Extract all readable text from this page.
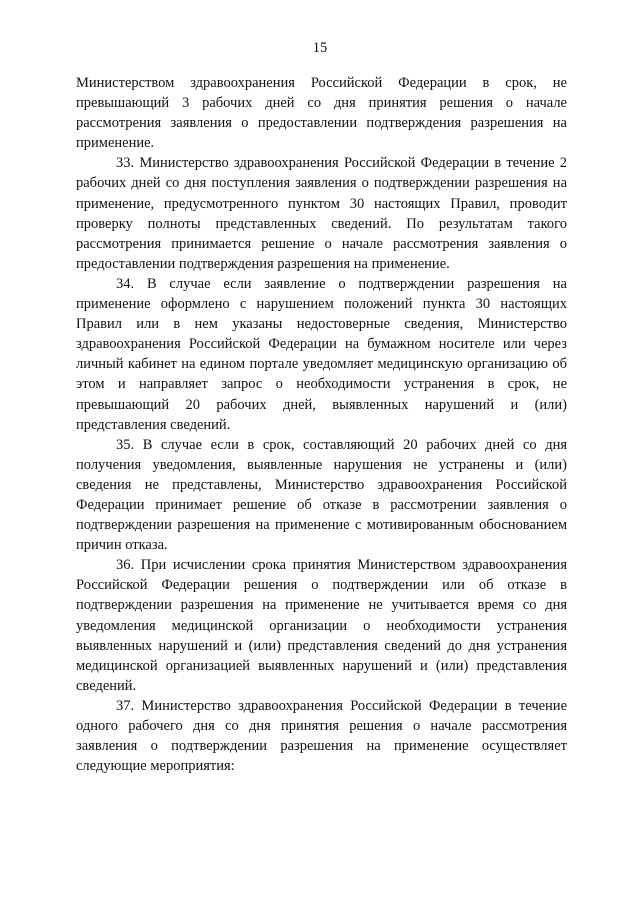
15

Министерством здравоохранения Российской Федерации в срок, не превышающий 3 рабочих дней со дня принятия решения о начале рассмотрения заявления о предоставлении подтверждения разрешения на применение.

33. Министерство здравоохранения Российской Федерации в течение 2 рабочих дней со дня поступления заявления о подтверждении разрешения на применение, предусмотренного пунктом 30 настоящих Правил, проводит проверку полноты представленных сведений. По результатам такого рассмотрения принимается решение о начале рассмотрения заявления о предоставлении подтверждения разрешения на применение.

34. В случае если заявление о подтверждении разрешения на применение оформлено с нарушением положений пункта 30 настоящих Правил или в нем указаны недостоверные сведения, Министерство здравоохранения Российской Федерации на бумажном носителе или через личный кабинет на едином портале уведомляет медицинскую организацию об этом и направляет запрос о необходимости устранения в срок, не превышающий 20 рабочих дней, выявленных нарушений и (или) представления сведений.

35. В случае если в срок, составляющий 20 рабочих дней со дня получения уведомления, выявленные нарушения не устранены и (или) сведения не представлены, Министерство здравоохранения Российской Федерации принимает решение об отказе в рассмотрении заявления о подтверждении разрешения на применение с мотивированным обоснованием причин отказа.

36. При исчислении срока принятия Министерством здравоохранения Российской Федерации решения о подтверждении или об отказе в подтверждении разрешения на применение не учитывается время со дня уведомления медицинской организации о необходимости устранения выявленных нарушений и (или) представления сведений до дня устранения медицинской организацией выявленных нарушений и (или) представления сведений.

37. Министерство здравоохранения Российской Федерации в течение одного рабочего дня со дня принятия решения о начале рассмотрения заявления о подтверждении разрешения на применение осуществляет следующие мероприятия:
